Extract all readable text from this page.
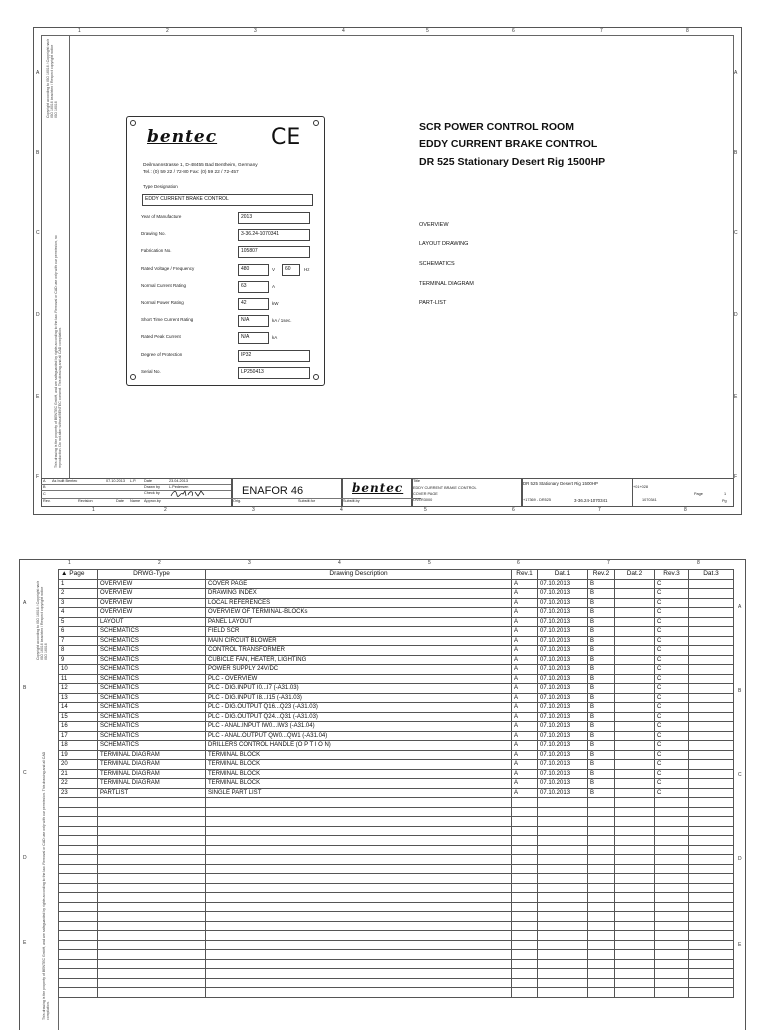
1	2	3	4	5	6	7	8
1	2	3	4	5	6	7	8
A
B
C
D
E
F
A
B
C
D
E
F
Copyright according to ISO 16016 / Copyright nach ISO 16016 beachten / Respect copyright notice ISO 16016
This drawing is the property of BENTEC GmbH, and are safeguarded by rights according to the law. Removal or CAD use only with our permission, no reproduction. Do not alter without BENTEC consent. This drawing and all CAD compilation.
bentec CE
Deilmannstrasse 1, D-48455 Bad Bentheim, Germany
Tel.: (0) 59 22 / 72-80 Fax: (0) 59 22 / 72-457
Type Designation
EDDY CURRENT BRAKE CONTROL
SCR POWER CONTROL ROOM
EDDY CURRENT BRAKE CONTROL
DR 525 Stationary Desert Rig 1500HP
OVERVIEW
LAYOUT DRAWING
SCHEMATICS
TERMINAL DIAGRAM
PART-LIST
A As built Bentec	07.10.2013 L.P.
B
C
Rev.	Revision	Date Name
Date	23.04.2013
Drawn by L.Pedersen
Check by
Approv.by
ENAFOR 46
Orig.	Substit.for
bentec
Substit.by
Title
EDDY CURRENT BRAKE CONTROL
COVER PAGE
OVER3000
DR 525 Stationary Desert Rig 1500HP
+01+028
+17369 - DR525	3-36.24-1070341	1070341
Page	1
Pg
Year of Manufacture	2013
Drawing No.	3-36.24-1070341
Fabrication No.	105807
Rated Voltage / Frequency	480	V	60	Hz
Normal Current Rating	63	A
Normal Power Rating	42	kW
Short Time Current Rating	N/A	kA / 1sec.
Rated Peak Current	N/A	kA
Degree of Protection	IP32
Serial No.	LP250413
1	2	3	4	5	6	7	8
A
B
C
D
E
A
B
C
D
E
Copyright according to ISO 16016 / Copyright nach ISO 16016 beachten / Respect copyright notice ISO 16016
This drawing is the property of BENTEC GmbH, and are safeguarded by rights according to the law. Removal or CAD use only with our permission. This drawing and all CAD compilation.
▲ Page	DRWG-Type	Drawing Description	Rev.1	Dat.1	Rev.2	Dat.2	Rev.3	Dat.3
1	OVERVIEW	COVER PAGE	A	07.10.2013	B		C	
2	OVERVIEW	DRAWING INDEX	A	07.10.2013	B		C	
3	OVERVIEW	LOCAL REFERENCES	A	07.10.2013	B		C	
4	OVERVIEW	OVERVIEW OF TERMINAL-BLOCKs	A	07.10.2013	B		C	
5	LAYOUT	PANEL LAYOUT	A	07.10.2013	B		C	
6	SCHEMATICS	FIELD SCR	A	07.10.2013	B		C	
7	SCHEMATICS	MAIN CIRCUIT BLOWER	A	07.10.2013	B		C	
8	SCHEMATICS	CONTROL TRANSFORMER	A	07.10.2013	B		C	
9	SCHEMATICS	CUBICLE FAN, HEATER, LIGHTING	A	07.10.2013	B		C	
10	SCHEMATICS	POWER SUPPLY 24V/DC	A	07.10.2013	B		C	
11	SCHEMATICS	PLC - OVERVIEW	A	07.10.2013	B		C	
12	SCHEMATICS	PLC - DIG.INPUT I0...I7 (-A31.03)	A	07.10.2013	B		C	
13	SCHEMATICS	PLC - DIG.INPUT I8...I15 (-A31.03)	A	07.10.2013	B		C	
14	SCHEMATICS	PLC - DIG.OUTPUT Q16...Q23 (-A31.03)	A	07.10.2013	B		C	
15	SCHEMATICS	PLC - DIG.OUTPUT Q24...Q31 (-A31.03)	A	07.10.2013	B		C	
16	SCHEMATICS	PLC - ANAL.INPUT IW0...IW3 (-A31.04)	A	07.10.2013	B		C	
17	SCHEMATICS	PLC - ANAL.OUTPUT QW0...QW1 (-A31.04)	A	07.10.2013	B		C	
18	SCHEMATICS	DRILLERS CONTROL HANDLE (O P T I O N)	A	07.10.2013	B		C	
19	TERMINAL DIAGRAM	TERMINAL BLOCK	A	07.10.2013	B		C	
20	TERMINAL DIAGRAM	TERMINAL BLOCK	A	07.10.2013	B		C	
21	TERMINAL DIAGRAM	TERMINAL BLOCK	A	07.10.2013	B		C	
22	TERMINAL DIAGRAM	TERMINAL BLOCK	A	07.10.2013	B		C	
23	PARTLIST	SINGLE PART LIST	A	07.10.2013	B		C	
